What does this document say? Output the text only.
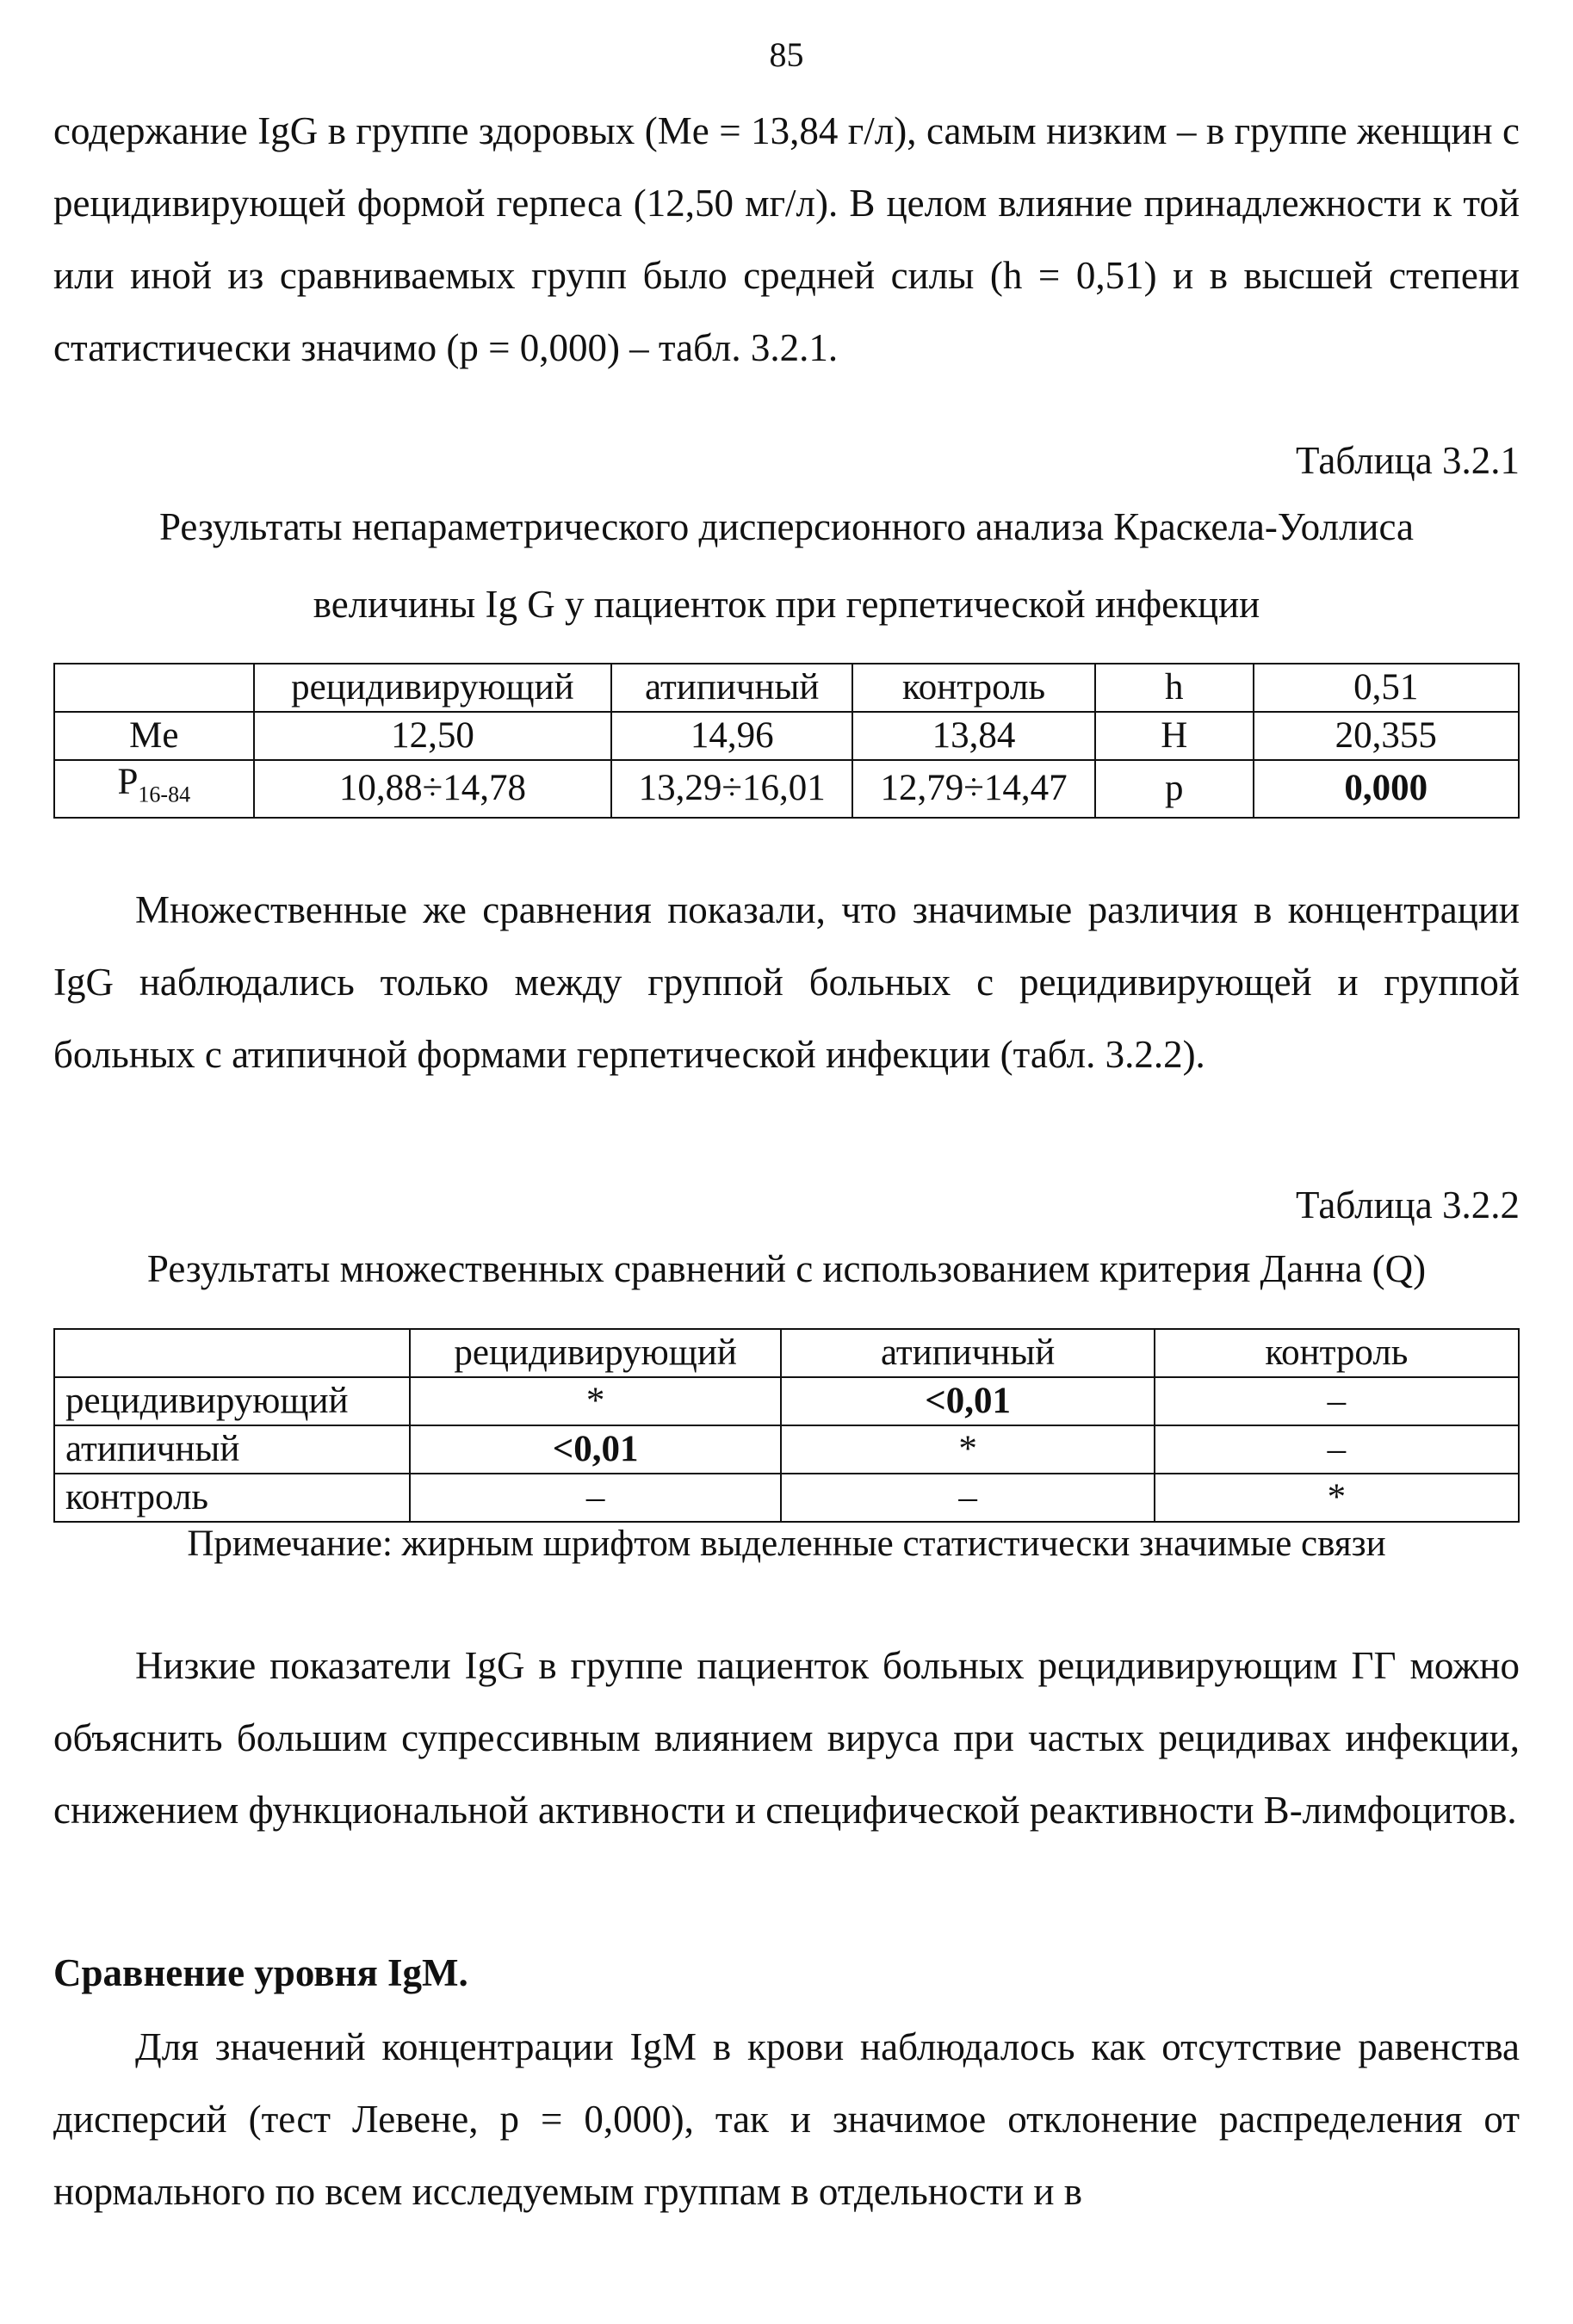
85

содержание IgG в группе здоровых (Me = 13,84 г/л), самым низким – в группе женщин с рецидивирующей формой герпеса (12,50 мг/л). В целом влияние принадлежности к той или иной из сравниваемых групп было средней силы (h = 0,51) и в высшей степени статистически значимо (p = 0,000) – табл. 3.2.1.

Таблица 3.2.1
Результаты непараметрического дисперсионного анализа Краскела-Уоллиса
величины Ig G у пациенток при герпетической инфекции
	рецидивирующий	атипичный	контроль	h	0,51
Me	12,50	14,96	13,84	H	20,355
$P_{16-84}$	10,88÷14,78	13,29÷16,01	12,79÷14,47	p	0,000

Множественные же сравнения показали, что значимые различия в концентрации IgG наблюдались только между группой больных с рецидивирующей и группой больных с атипичной формами герпетической инфекции (табл. 3.2.2).

Таблица 3.2.2
Результаты множественных сравнений с использованием критерия Данна (Q)
	рецидивирующий	атипичный	контроль
рецидивирующий	*	<0,01	–
атипичный	<0,01	*	–
контроль	–	–	*
Примечание: жирным шрифтом выделенные статистически значимые связи

Низкие показатели IgG в группе пациенток больных рецидивирующим ГГ можно объяснить большим супрессивным влиянием вируса при частых рецидивах инфекции, снижением функциональной активности и специфической реактивности В-лимфоцитов.

Сравнение уровня IgM.

Для значений концентрации IgM в крови наблюдалось как отсутствие равенства дисперсий (тест Левене, p = 0,000), так и значимое отклонение распределения от нормального по всем исследуемым группам в отдельности и в
